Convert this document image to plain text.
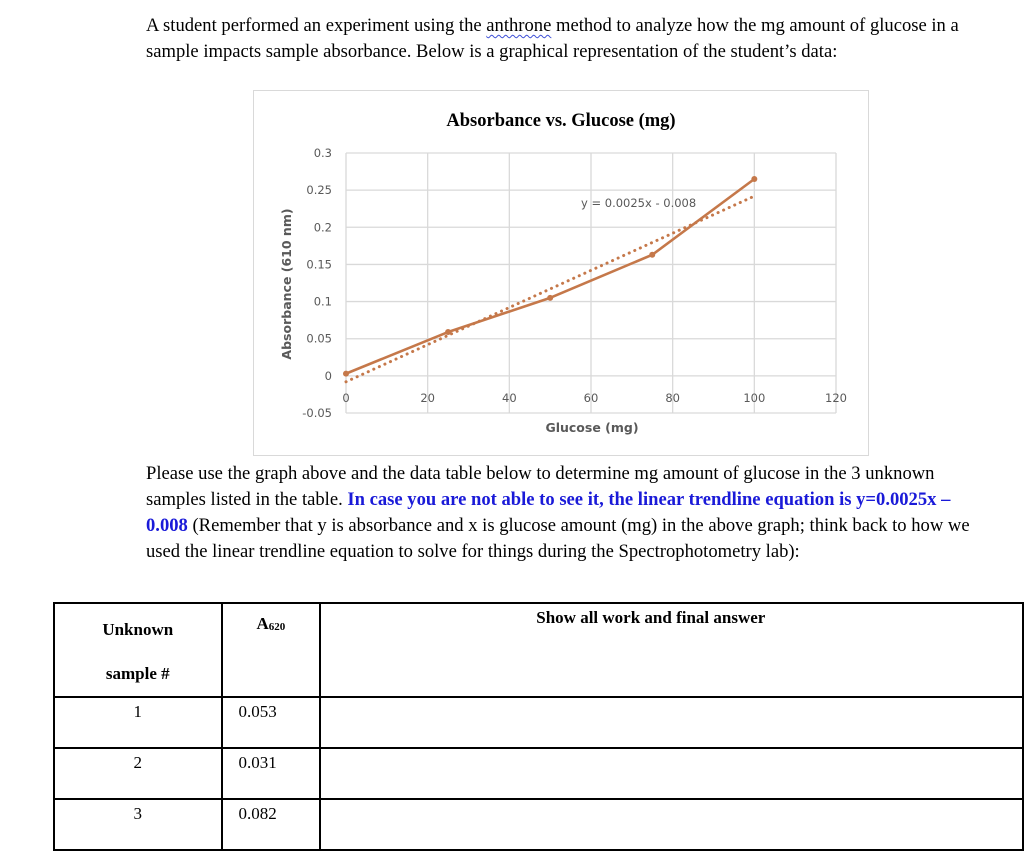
A student performed an experiment using the anthrone method to analyze how the mg amount of glucose in a sample impacts sample absorbance. Below is a graphical representation of the student’s data:

Absorbance vs. Glucose (mg)
0.3
0.25
0.2
0.15
0.1
0.05
0
-0.05
0	20	40	60	80	100	120
y = 0.0025x - 0.008
Glucose (mg)
Absorbance (610 nm)

Please use the graph above and the data table below to determine mg amount of glucose in the 3 unknown samples listed in the table. In case you are not able to see it, the linear trendline equation is y=0.0025x – 0.008 (Remember that y is absorbance and x is glucose amount (mg) in the above graph; think back to how we used the linear trendline equation to solve for things during the Spectrophotometry lab):

Unknown
sample #	$A_{620}$	Show all work and final answer

1	0.053	
2	0.031	
3	0.082	
